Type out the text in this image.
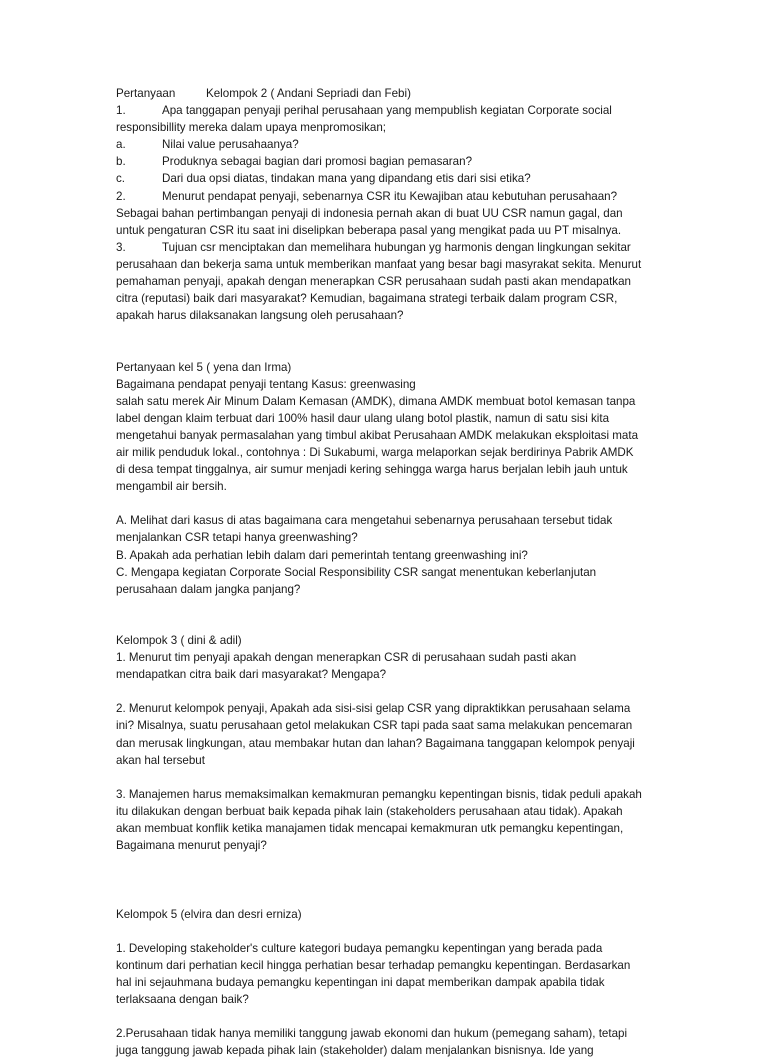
Pertanyaan	Kelompok 2 ( Andani Sepriadi dan Febi)
1.	Apa tanggapan penyaji perihal perusahaan yang mempublish kegiatan Corporate social
responsibillity mereka dalam upaya menpromosikan;
a.	Nilai value perusahaanya?
b.	Produknya sebagai bagian dari promosi bagian pemasaran?
c.	Dari dua opsi diatas, tindakan mana yang dipandang etis dari sisi etika?
2.	Menurut pendapat penyaji, sebenarnya CSR itu Kewajiban atau kebutuhan perusahaan?
Sebagai bahan pertimbangan penyaji di indonesia pernah akan di buat UU CSR namun gagal, dan
untuk pengaturan CSR itu saat ini diselipkan beberapa pasal yang mengikat pada uu PT misalnya.
3.	Tujuan csr menciptakan dan memelihara hubungan yg harmonis dengan lingkungan sekitar
perusahaan dan bekerja sama untuk memberikan manfaat yang besar bagi masyrakat sekita. Menurut
pemahaman penyaji, apakah dengan menerapkan CSR perusahaan sudah pasti akan mendapatkan
citra (reputasi) baik dari masyarakat? Kemudian, bagaimana strategi terbaik dalam program CSR,
apakah harus dilaksanakan langsung oleh perusahaan?
Pertanyaan kel 5 ( yena dan Irma)
Bagaimana pendapat penyaji tentang Kasus: greenwasing
salah satu merek Air Minum Dalam Kemasan (AMDK), dimana AMDK membuat botol kemasan tanpa
label dengan klaim terbuat dari 100% hasil daur ulang ulang botol plastik, namun di satu sisi kita
mengetahui banyak permasalahan yang timbul akibat Perusahaan AMDK melakukan eksploitasi mata
air milik penduduk lokal., contohnya : Di Sukabumi, warga melaporkan sejak berdirinya Pabrik AMDK
di desa tempat tinggalnya, air sumur menjadi kering sehingga warga harus berjalan lebih jauh untuk
mengambil air bersih.
A. Melihat dari kasus di atas bagaimana cara mengetahui sebenarnya perusahaan tersebut tidak
menjalankan CSR tetapi hanya greenwashing?
B. Apakah ada perhatian lebih dalam dari pemerintah tentang greenwashing ini?
C. Mengapa kegiatan Corporate Social Responsibility CSR sangat menentukan keberlanjutan
perusahaan dalam jangka panjang?
Kelompok 3 ( dini & adil)
1. Menurut tim penyaji apakah dengan menerapkan CSR di perusahaan sudah pasti akan
mendapatkan citra baik dari masyarakat? Mengapa?
2. Menurut kelompok penyaji, Apakah ada sisi-sisi gelap CSR yang dipraktikkan perusahaan selama
ini? Misalnya, suatu perusahaan getol melakukan CSR tapi pada saat sama melakukan pencemaran
dan merusak lingkungan, atau membakar hutan dan lahan? Bagaimana tanggapan kelompok penyaji
akan hal tersebut
3. Manajemen harus memaksimalkan kemakmuran pemangku kepentingan bisnis, tidak peduli apakah
itu dilakukan dengan berbuat baik kepada pihak lain (stakeholders perusahaan atau tidak). Apakah
akan membuat konflik ketika manajamen tidak mencapai kemakmuran utk pemangku kepentingan,
Bagaimana menurut penyaji?
Kelompok 5 (elvira dan desri erniza)
1. Developing stakeholder's culture kategori budaya pemangku kepentingan yang berada pada
kontinum dari perhatian kecil hingga perhatian besar terhadap pemangku kepentingan. Berdasarkan
hal ini sejauhmana budaya pemangku kepentingan ini dapat memberikan dampak apabila tidak
terlaksaana dengan baik?
2.Perusahaan tidak hanya memiliki tanggung jawab ekonomi dan hukum (pemegang saham), tetapi
juga tanggung jawab kepada pihak lain (stakeholder) dalam menjalankan bisnisnya. Ide yang
